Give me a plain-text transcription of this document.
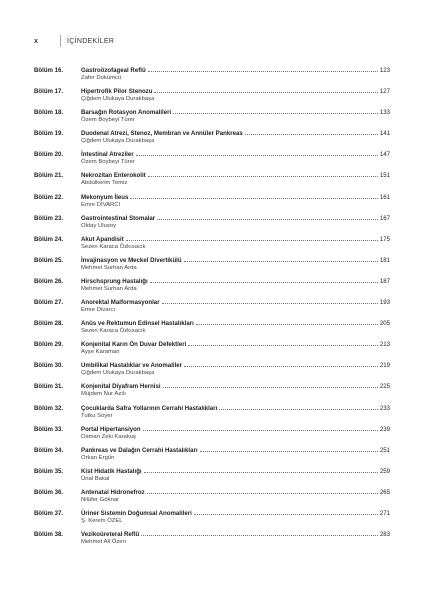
x	İÇİNDEKİLER
Bölüm 16.	Gastroözofageal Reflü	123
Zafer Dokümcü
Bölüm 17.	Hipertrofik Pilor Stenozu	127
Çiğdem Ulukaya Durakbaşa
Bölüm 18.	Barsağın Rotasyon Anomalileri	133
Özem Boybeyi Türer
Bölüm 19.	Duodenal Atrezi, Stenoz, Membran ve Annüler Pankreas	141
Çiğdem Ulukaya Durakbaşa
Bölüm 20.	İntestinal Atreziler	147
Özem Boybeyi Türer
Bölüm 21.	Nekrozitan Enterokolit	151
Abdulkerim Temiz
Bölüm 22.	Mekonyum İleus	161
Emre DİVARCI
Bölüm 23.	Gastrointestinal Stomalar	167
Oktay Ulusoy
Bölüm 24.	Akut Apandisit	175
Sezen Karaca Özkısacık
Bölüm 25.	İnvajinasyon ve Meckel Divertikülü	181
Mehmet Surhan Arda
Bölüm 26.	Hirschsprung Hastalığı	187
Mehmet Surhan Arda
Bölüm 27.	Anorektal Malformasyonlar	193
Emre Divarcı
Bölüm 28.	Anüs ve Rektumun Edinsel Hastalıkları	205
Sezen Karaca Özkısacık
Bölüm 29.	Konjenital Karın Ön Duvar Defektleri	213
Ayşe Karaman
Bölüm 30.	Umbilikal Hastalıklar ve Anomaliler	219
Çiğdem Ulukaya Durakbaşa
Bölüm 31.	Konjenital Diyafram Hernisi	225
Müjdem Nur Azılı
Bölüm 32.	Çocuklarda Safra Yollarının Cerrahi Hastalıkları	233
Tutku Soyer
Bölüm 33.	Portal Hipertansiyon	239
Osman Zeki Karakuş
Bölüm 34.	Pankreas ve Dalağın Cerrahi Hastalıkları	251
Orkan Ergün
Bölüm 35.	Kist Hidatik Hastalığı	259
Ünal Bakal
Bölüm 36.	Antenatal Hidronefroz	265
Nilüfer Göknar
Bölüm 37.	Üriner Sistemin Doğumsal Anomalileri	271
Ş. Kerem ÖZEL
Bölüm 38.	Vezikoüreteral Reflü	283
Mehmet Ali Özen
